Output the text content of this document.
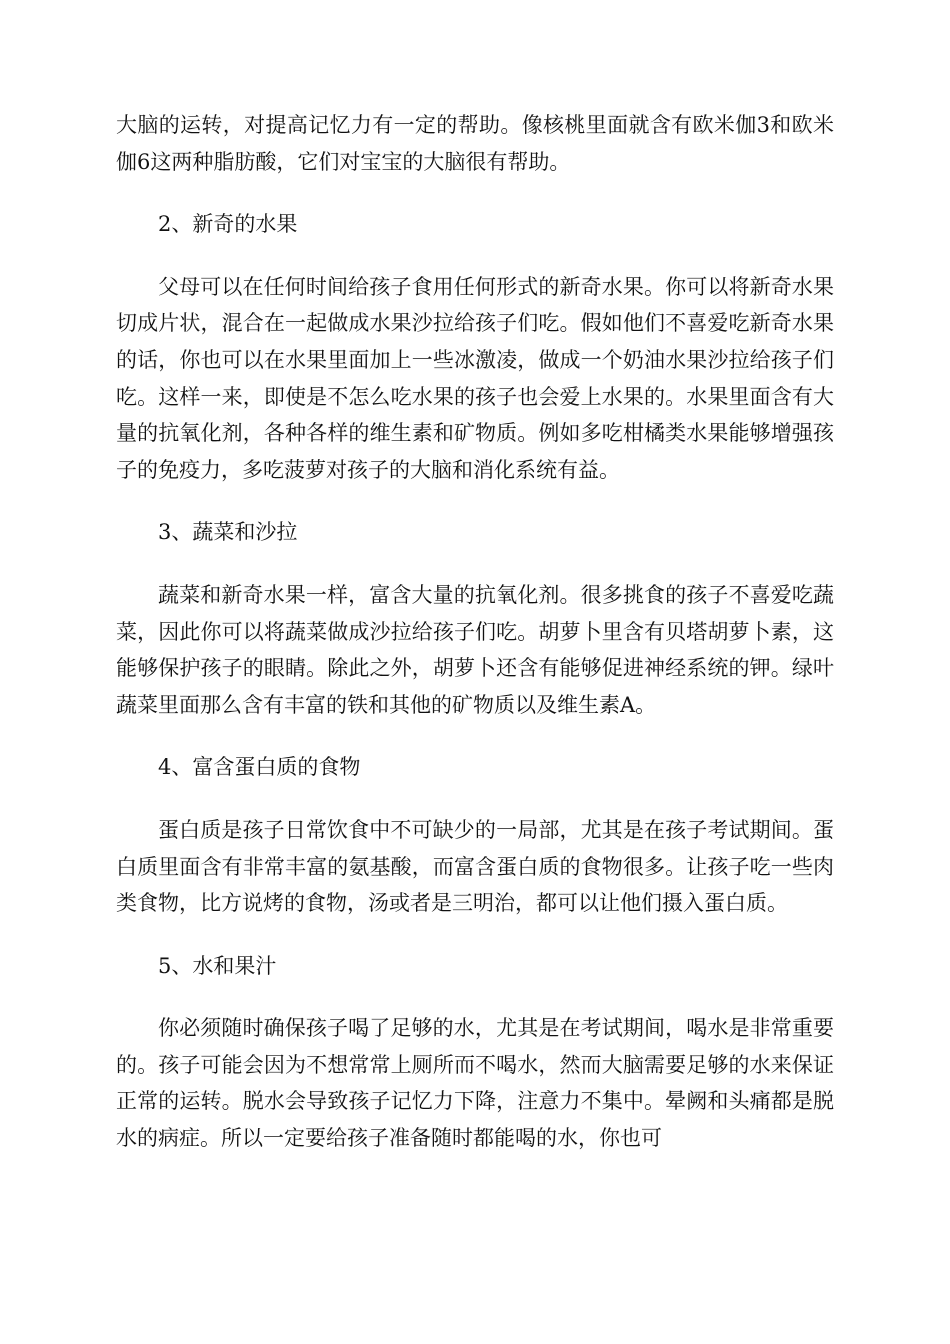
大脑的运转，对提高记忆力有一定的帮助。像核桃里面就含有欧米伽3和欧米伽6这两种脂肪酸，它们对宝宝的大脑很有帮助。

2、新奇的水果

父母可以在任何时间给孩子食用任何形式的新奇水果。你可以将新奇水果切成片状，混合在一起做成水果沙拉给孩子们吃。假如他们不喜爱吃新奇水果的话，你也可以在水果里面加上一些冰激凌，做成一个奶油水果沙拉给孩子们吃。这样一来，即使是不怎么吃水果的孩子也会爱上水果的。水果里面含有大量的抗氧化剂，各种各样的维生素和矿物质。例如多吃柑橘类水果能够增强孩子的免疫力，多吃菠萝对孩子的大脑和消化系统有益。

3、蔬菜和沙拉

蔬菜和新奇水果一样，富含大量的抗氧化剂。很多挑食的孩子不喜爱吃蔬菜，因此你可以将蔬菜做成沙拉给孩子们吃。胡萝卜里含有贝塔胡萝卜素，这能够保护孩子的眼睛。除此之外，胡萝卜还含有能够促进神经系统的钾。绿叶蔬菜里面那么含有丰富的铁和其他的矿物质以及维生素A。

4、富含蛋白质的食物

蛋白质是孩子日常饮食中不可缺少的一局部，尤其是在孩子考试期间。蛋白质里面含有非常丰富的氨基酸，而富含蛋白质的食物很多。让孩子吃一些肉类食物，比方说烤的食物，汤或者是三明治，都可以让他们摄入蛋白质。

5、水和果汁

你必须随时确保孩子喝了足够的水，尤其是在考试期间，喝水是非常重要的。孩子可能会因为不想常常上厕所而不喝水，然而大脑需要足够的水来保证正常的运转。脱水会导致孩子记忆力下降，注意力不集中。晕阙和头痛都是脱水的病症。所以一定要给孩子准备随时都能喝的水，你也可
